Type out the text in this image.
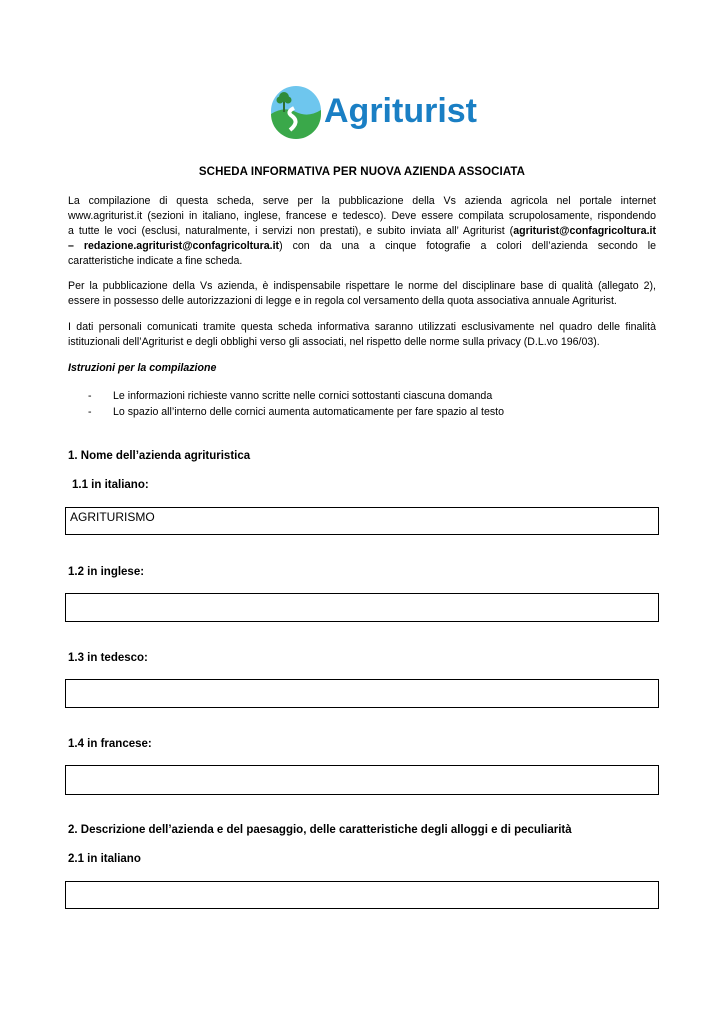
Agriturist
SCHEDA INFORMATIVA PER NUOVA AZIENDA ASSOCIATA
La compilazione di questa scheda, serve per la pubblicazione della Vs azienda agricola nel portale internet
www.agriturist.it (sezioni in italiano, inglese, francese e tedesco). Deve essere compilata scrupolosamente, rispondendo
a tutte le voci (esclusi, naturalmente, i servizi non prestati), e subito inviata all’ Agriturist (agriturist@confagricoltura.it
– redazione.agriturist@confagricoltura.it) con da una a cinque fotografie a colori dell’azienda secondo le
caratteristiche indicate a fine scheda.
Per la pubblicazione della Vs azienda, è indispensabile rispettare le norme del disciplinare base di qualità (allegato 2),
essere in possesso delle autorizzazioni di legge e in regola col versamento della quota associativa annuale Agriturist.
I dati personali comunicati tramite questa scheda informativa saranno utilizzati esclusivamente nel quadro delle finalità
istituzionali dell’Agriturist e degli obblighi verso gli associati, nel rispetto delle norme sulla privacy (D.L.vo 196/03).
Istruzioni per la compilazione
- Le informazioni richieste vanno scritte nelle cornici sottostanti ciascuna domanda
- Lo spazio all’interno delle cornici aumenta automaticamente per fare spazio al testo
1. Nome dell’azienda agrituristica
1.1 in italiano:
AGRITURISMO
1.2 in inglese:
1.3 in tedesco:
1.4 in francese:
2. Descrizione dell’azienda e del paesaggio, delle caratteristiche degli alloggi e di peculiarità
2.1 in italiano
